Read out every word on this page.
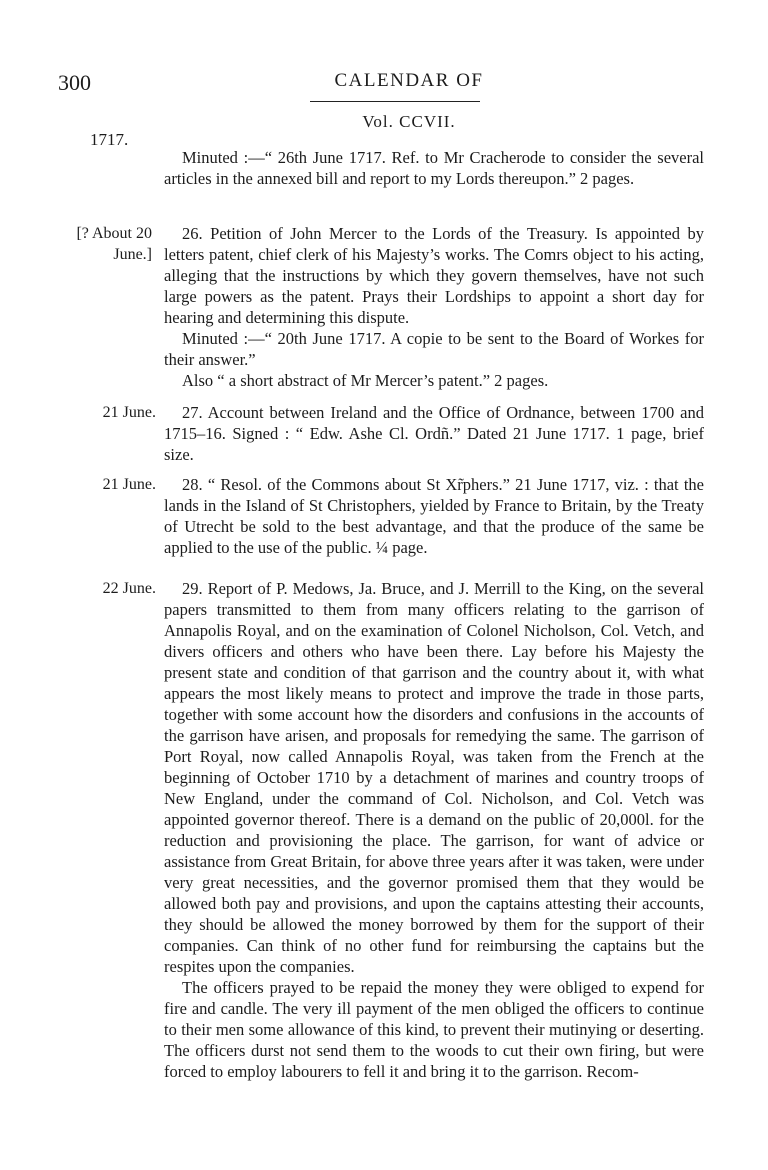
300	CALENDAR OF
Vol. CCVII.
1717.

Minuted :—“ 26th June 1717. Ref. to Mr Cracherode to consider the several articles in the annexed bill and report to my Lords thereupon.” 2 pages.

[? About 20 June.]

26. Petition of John Mercer to the Lords of the Treasury. Is appointed by letters patent, chief clerk of his Majesty’s works. The Comrs object to his acting, alleging that the instructions by which they govern themselves, have not such large powers as the patent. Prays their Lordships to appoint a short day for hearing and determining this dispute.

Minuted :—“ 20th June 1717. A copie to be sent to the Board of Workes for their answer.”

Also “ a short abstract of Mr Mercer’s patent.” 2 pages.

21 June.	27. Account between Ireland and the Office of Ordnance, between 1700 and 1715–16. Signed : “ Edw. Ashe Cl. Ordñ.” Dated 21 June 1717. 1 page, brief size.

21 June.	28. “ Resol. of the Commons about St Xr̃phers.” 21 June 1717, viz. : that the lands in the Island of St Christophers, yielded by France to Britain, by the Treaty of Utrecht be sold to the best advantage, and that the produce of the same be applied to the use of the public. ¼ page.

22 June.	29. Report of P. Medows, Ja. Bruce, and J. Merrill to the King, on the several papers transmitted to them from many officers relating to the garrison of Annapolis Royal, and on the examination of Colonel Nicholson, Col. Vetch, and divers officers and others who have been there. Lay before his Majesty the present state and condition of that garrison and the country about it, with what appears the most likely means to protect and improve the trade in those parts, together with some account how the disorders and confusions in the accounts of the garrison have arisen, and proposals for remedying the same. The garrison of Port Royal, now called Annapolis Royal, was taken from the French at the beginning of October 1710 by a detachment of marines and country troops of New England, under the command of Col. Nicholson, and Col. Vetch was appointed governor thereof. There is a demand on the public of 20,000l. for the reduction and provisioning the place. The garrison, for want of advice or assistance from Great Britain, for above three years after it was taken, were under very great necessities, and the governor promised them that they would be allowed both pay and provisions, and upon the captains attesting their accounts, they should be allowed the money borrowed by them for the support of their companies. Can think of no other fund for reimbursing the captains but the respites upon the companies.

The officers prayed to be repaid the money they were obliged to expend for fire and candle. The very ill payment of the men obliged the officers to continue to their men some allowance of this kind, to prevent their mutinying or deserting. The officers durst not send them to the woods to cut their own firing, but were forced to employ labourers to fell it and bring it to the garrison. Recom-
